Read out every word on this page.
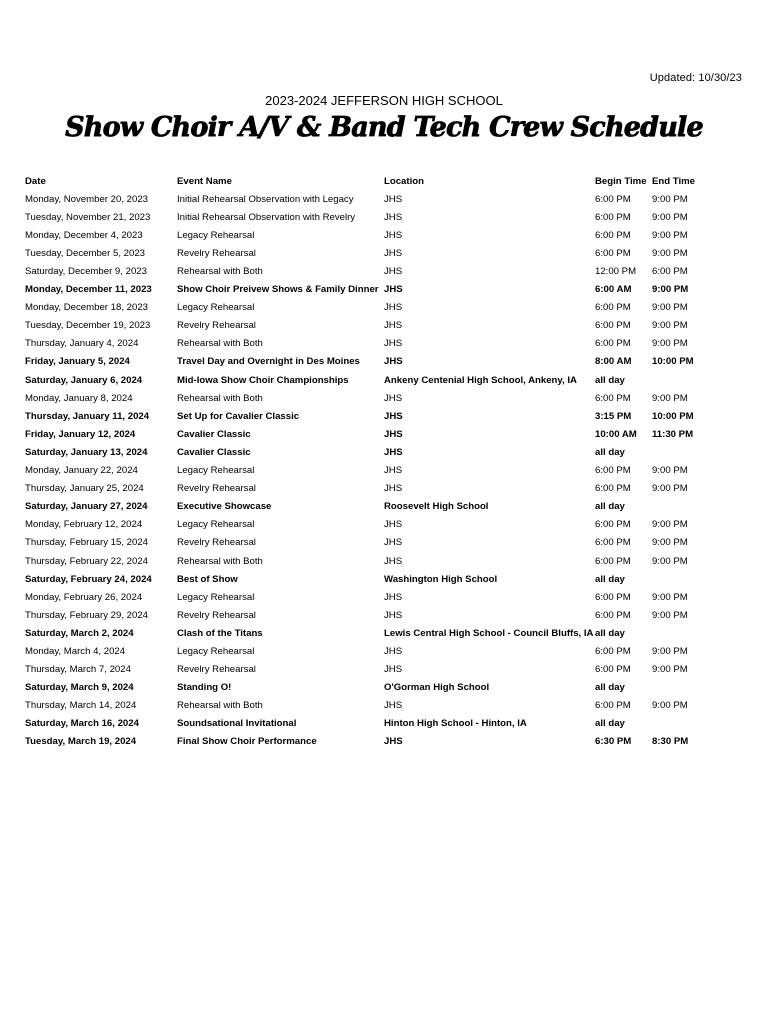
Updated: 10/30/23
2023-2024 JEFFERSON HIGH SCHOOL
Show Choir A/V & Band Tech Crew Schedule
Date	Event Name	Location	Begin Time	End Time
Monday, November 20, 2023	Initial Rehearsal Observation with Legacy	JHS	6:00 PM	9:00 PM
Tuesday, November 21, 2023	Initial Rehearsal Observation with Revelry	JHS	6:00 PM	9:00 PM
Monday, December 4, 2023	Legacy Rehearsal	JHS	6:00 PM	9:00 PM
Tuesday, December 5, 2023	Revelry Rehearsal	JHS	6:00 PM	9:00 PM
Saturday, December 9, 2023	Rehearsal with Both	JHS	12:00 PM	6:00 PM
Monday, December 11, 2023	Show Choir Preivew Shows & Family Dinner	JHS	6:00 AM	9:00 PM
Monday, December 18, 2023	Legacy Rehearsal	JHS	6:00 PM	9:00 PM
Tuesday, December 19, 2023	Revelry Rehearsal	JHS	6:00 PM	9:00 PM
Thursday, January 4, 2024	Rehearsal with Both	JHS	6:00 PM	9:00 PM
Friday, January 5, 2024	Travel Day and Overnight in Des Moines	JHS	8:00 AM	10:00 PM
Saturday, January 6, 2024	Mid-Iowa Show Choir Championships	Ankeny Centenial High School, Ankeny, IA	all day	
Monday, January 8, 2024	Rehearsal with Both	JHS	6:00 PM	9:00 PM
Thursday, January 11, 2024	Set Up for Cavalier Classic	JHS	3:15 PM	10:00 PM
Friday, January 12, 2024	Cavalier Classic	JHS	10:00 AM	11:30 PM
Saturday, January 13, 2024	Cavalier Classic	JHS	all day	
Monday, January 22, 2024	Legacy Rehearsal	JHS	6:00 PM	9:00 PM
Thursday, January 25, 2024	Revelry Rehearsal	JHS	6:00 PM	9:00 PM
Saturday, January 27, 2024	Executive Showcase	Roosevelt High School	all day	
Monday, February 12, 2024	Legacy Rehearsal	JHS	6:00 PM	9:00 PM
Thursday, February 15, 2024	Revelry Rehearsal	JHS	6:00 PM	9:00 PM
Thursday, February 22, 2024	Rehearsal with Both	JHS	6:00 PM	9:00 PM
Saturday, February 24, 2024	Best of Show	Washington High School	all day	
Monday, February 26, 2024	Legacy Rehearsal	JHS	6:00 PM	9:00 PM
Thursday, February 29, 2024	Revelry Rehearsal	JHS	6:00 PM	9:00 PM
Saturday, March 2, 2024	Clash of the Titans	Lewis Central High School - Council Bluffs, IA	all day	
Monday, March 4, 2024	Legacy Rehearsal	JHS	6:00 PM	9:00 PM
Thursday, March 7, 2024	Revelry Rehearsal	JHS	6:00 PM	9:00 PM
Saturday, March 9, 2024	Standing O!	O'Gorman High School	all day	
Thursday, March 14, 2024	Rehearsal with Both	JHS	6:00 PM	9:00 PM
Saturday, March 16, 2024	Soundsational Invitational	Hinton High School - Hinton, IA	all day	
Tuesday, March 19, 2024	Final Show Choir Performance	JHS	6:30 PM	8:30 PM
